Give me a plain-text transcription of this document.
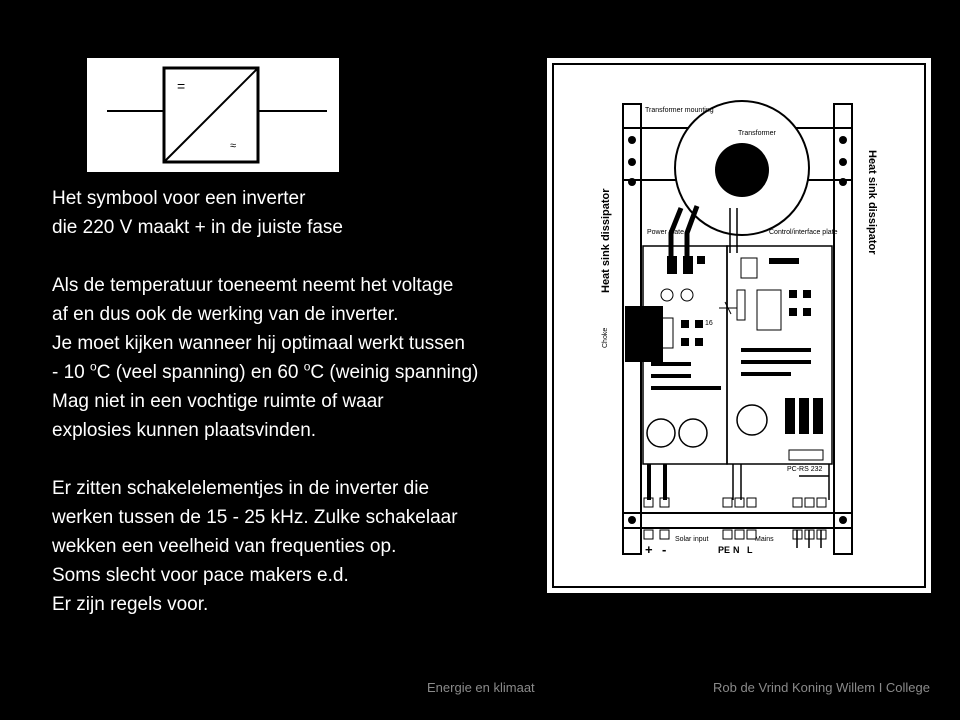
=
≈

Het symbool voor een inverter
die 220 V maakt + in de juiste fase

Als de temperatuur toeneemt neemt het voltage
af en dus ook de werking van de inverter.
Je moet kijken wanneer hij optimaal werkt tussen
- 10 $^o$C (veel spanning) en 60 $^o$C (weinig spanning)
Mag niet in een vochtige ruimte of waar
explosies kunnen plaatsvinden.

Er zitten schakelelementjes in de inverter die
werken tussen de 15 - 25 kHz. Zulke schakelaar
wekken een veelheid van frequenties op.
Soms slecht voor pace makers e.d.
Er zijn regels voor.

Transformer mounting
Transformer
Heat sink dissipator	Heat sink dissipator
Power plate
Choke
16
Control/interface plate
PC-RS 232
+ -
Solar input	Mains
PE N L
Energie en klimaat	Rob de Vrind Koning Willem I College
